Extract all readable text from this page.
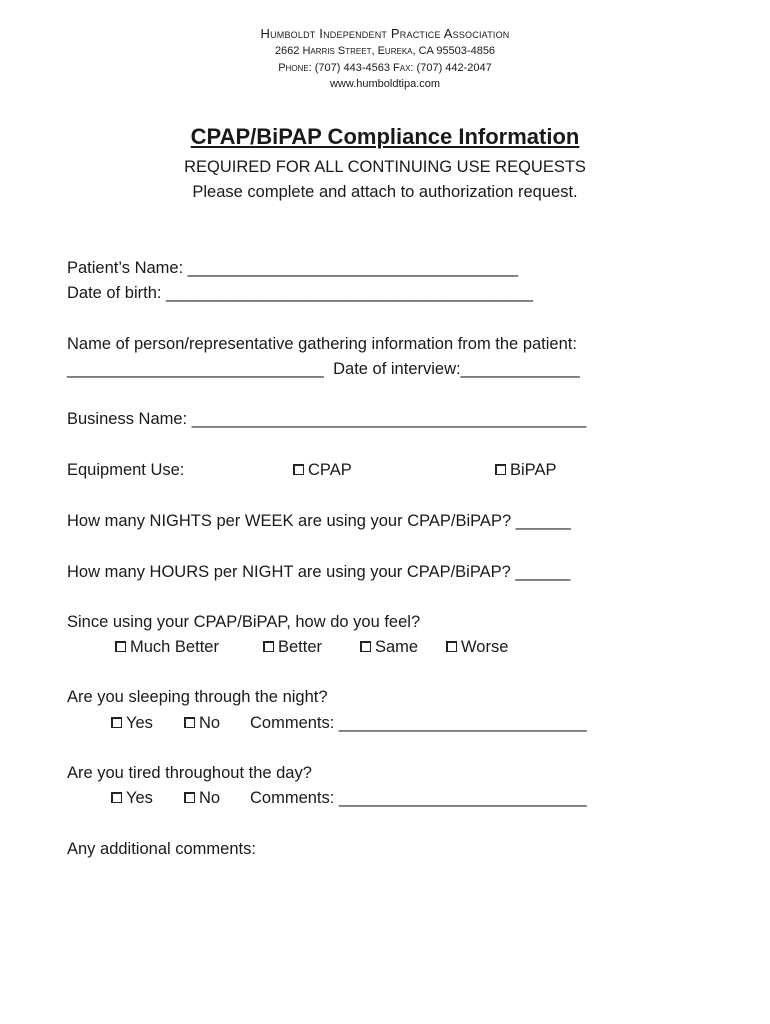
Humboldt Independent Practice Association
2662 Harris Street, Eureka, CA 95503-4856
Phone: (707) 443-4563 Fax: (707) 442-2047
www.humboldtipa.com
CPAP/BiPAP Compliance Information
REQUIRED FOR ALL CONTINUING USE REQUESTS
Please complete and attach to authorization request.
Patient’s Name: ____________________________________
Date of birth: ________________________________________
Name of person/representative gathering information from the patient:
____________________________  Date of interview:_____________
Business Name: ___________________________________________
Equipment Use:	CPAP	BiPAP
How many NIGHTS per WEEK are using your CPAP/BiPAP? ______
How many HOURS per NIGHT are using your CPAP/BiPAP? ______
Since using your CPAP/BiPAP, how do you feel?
Much Better	Better	Same	Worse
Are you sleeping through the night?
Yes	No Comments: ___________________________
Are you tired throughout the day?
Yes	No Comments: ___________________________
Any additional comments:
